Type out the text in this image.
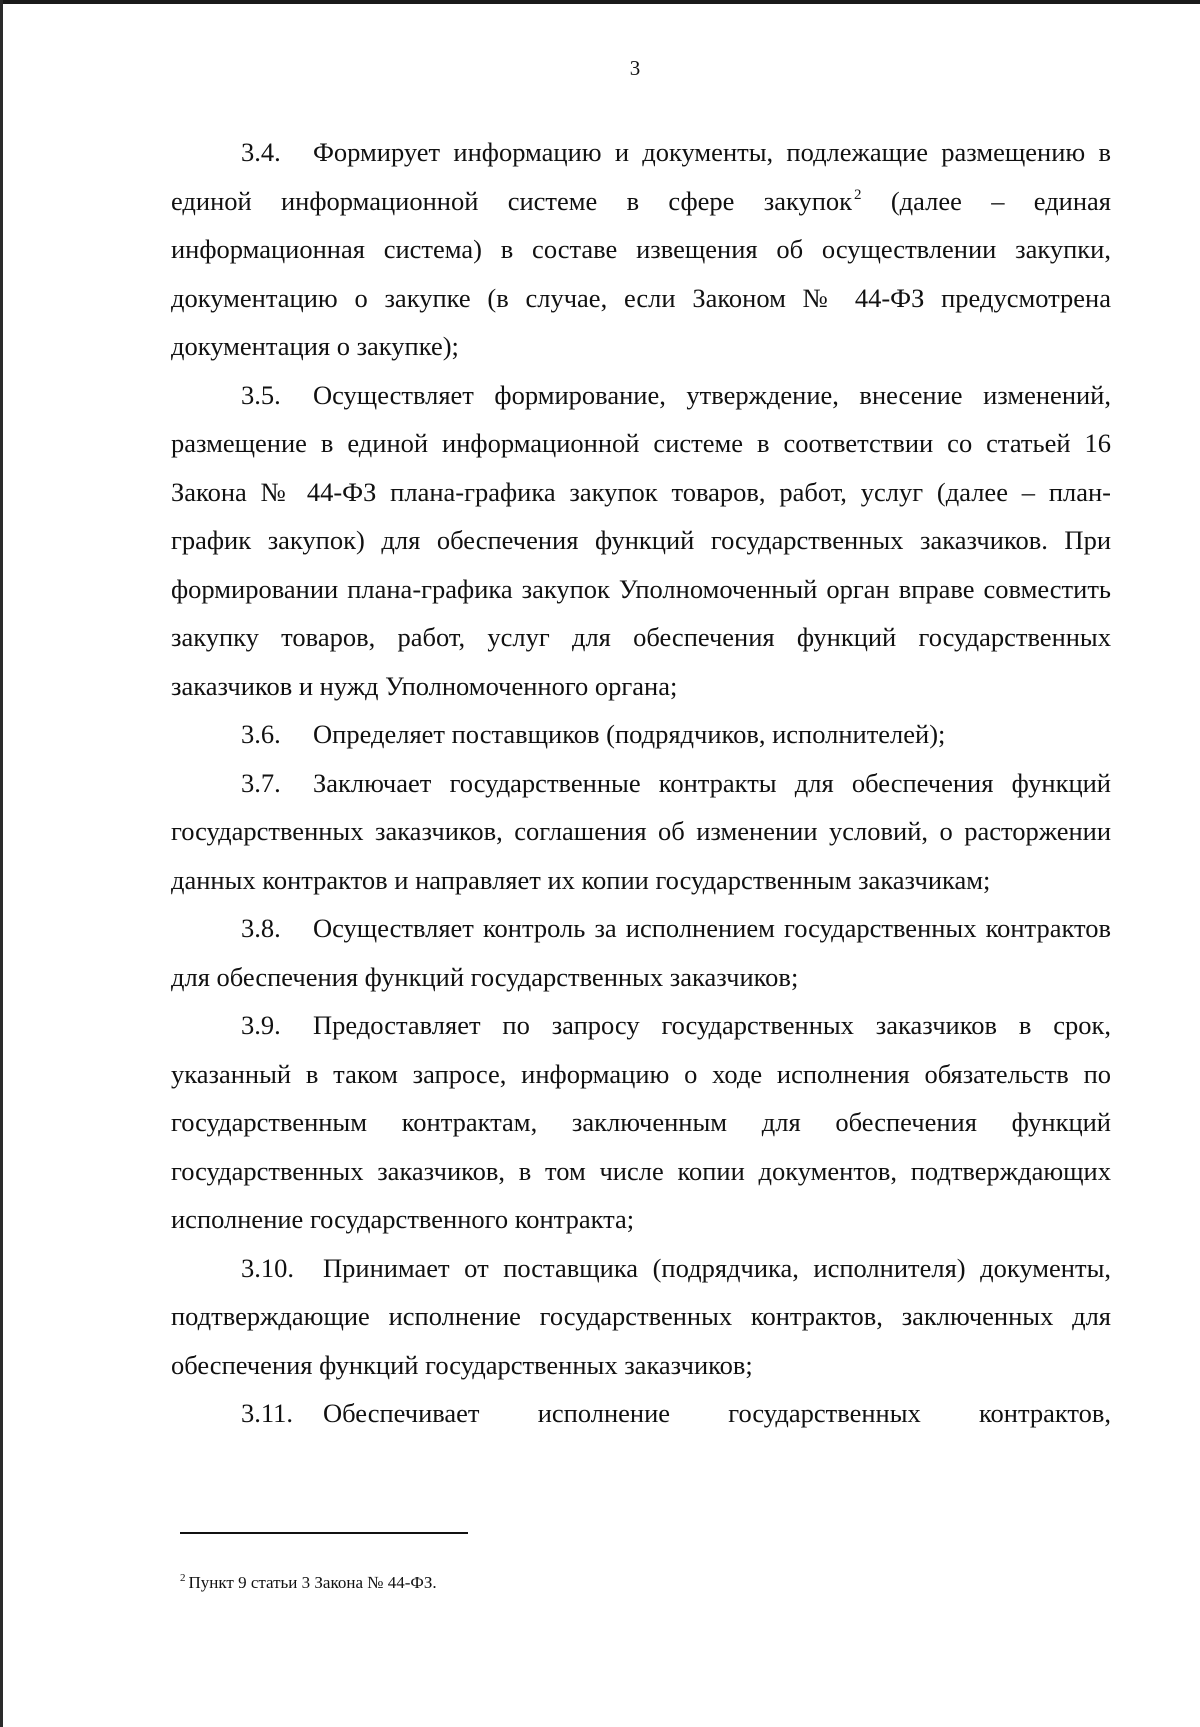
3

3.4. Формирует информацию и документы, подлежащие размещению в единой информационной системе в сфере закупок $^2$ (далее – единая информационная система) в составе извещения об осуществлении закупки, документацию о закупке (в случае, если Законом № 44-ФЗ предусмотрена документация о закупке);

3.5. Осуществляет формирование, утверждение, внесение изменений, размещение в единой информационной системе в соответствии со статьей 16 Закона № 44-ФЗ плана-графика закупок товаров, работ, услуг (далее – план-график закупок) для обеспечения функций государственных заказчиков. При формировании плана-графика закупок Уполномоченный орган вправе совместить закупку товаров, работ, услуг для обеспечения функций государственных заказчиков и нужд Уполномоченного органа;

3.6. Определяет поставщиков (подрядчиков, исполнителей);

3.7. Заключает государственные контракты для обеспечения функций государственных заказчиков, соглашения об изменении условий, о расторжении данных контрактов и направляет их копии государственным заказчикам;

3.8. Осуществляет контроль за исполнением государственных контрактов для обеспечения функций государственных заказчиков;

3.9. Предоставляет по запросу государственных заказчиков в срок, указанный в таком запросе, информацию о ходе исполнения обязательств по государственным контрактам, заключенным для обеспечения функций государственных заказчиков, в том числе копии документов, подтверждающих исполнение государственного контракта;

3.10. Принимает от поставщика (подрядчика, исполнителя) документы, подтверждающие исполнение государственных контрактов, заключенных для обеспечения функций государственных заказчиков;

3.11. Обеспечивает исполнение государственных контрактов,

$^2$ Пункт 9 статьи 3 Закона № 44-ФЗ.
